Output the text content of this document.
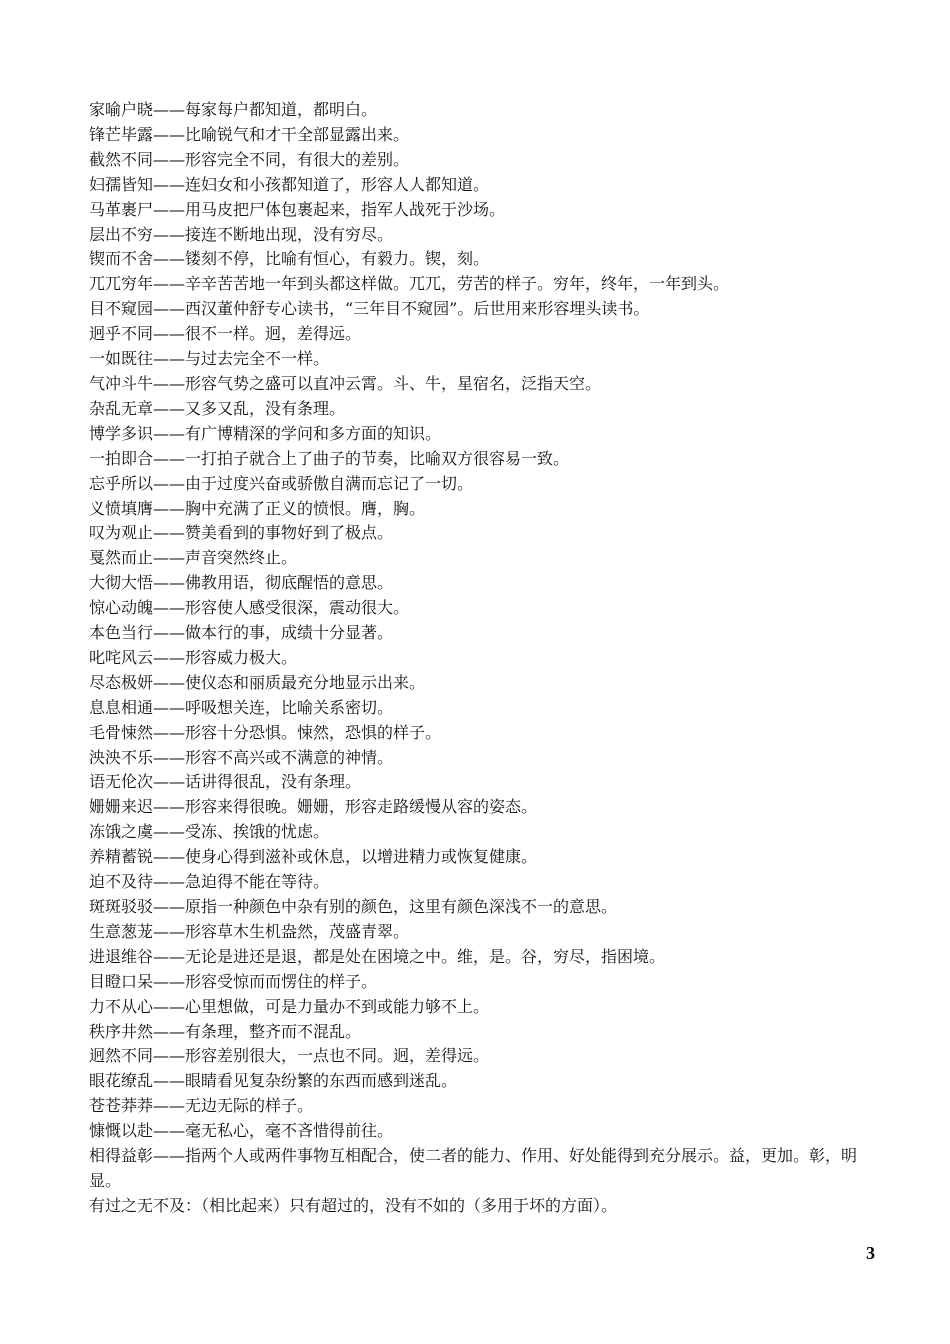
家喻户晓——每家每户都知道，都明白。

锋芒毕露——比喻锐气和才干全部显露出来。

截然不同——形容完全不同，有很大的差别。

妇孺皆知——连妇女和小孩都知道了，形容人人都知道。

马革裹尸——用马皮把尸体包裹起来，指军人战死于沙场。

层出不穷——接连不断地出现，没有穷尽。

锲而不舍——镂刻不停，比喻有恒心，有毅力。锲，刻。

兀兀穷年——辛辛苦苦地一年到头都这样做。兀兀，劳苦的样子。穷年，终年，一年到头。

目不窥园——西汉董仲舒专心读书，“三年目不窥园”。后世用来形容埋头读书。

迥乎不同——很不一样。迥，差得远。

一如既往——与过去完全不一样。

气冲斗牛——形容气势之盛可以直冲云霄。斗、牛，星宿名，泛指天空。

杂乱无章——又多又乱，没有条理。

博学多识——有广博精深的学问和多方面的知识。

一拍即合——一打拍子就合上了曲子的节奏，比喻双方很容易一致。

忘乎所以——由于过度兴奋或骄傲自满而忘记了一切。

义愤填膺——胸中充满了正义的愤恨。膺，胸。

叹为观止——赞美看到的事物好到了极点。

戛然而止——声音突然终止。

大彻大悟——佛教用语，彻底醒悟的意思。

惊心动魄——形容使人感受很深，震动很大。

本色当行——做本行的事，成绩十分显著。

叱咤风云——形容威力极大。

尽态极妍——使仪态和丽质最充分地显示出来。

息息相通——呼吸想关连，比喻关系密切。

毛骨悚然——形容十分恐惧。悚然，恐惧的样子。

泱泱不乐——形容不高兴或不满意的神情。

语无伦次——话讲得很乱，没有条理。

姗姗来迟——形容来得很晚。姗姗，形容走路缓慢从容的姿态。

冻饿之虞——受冻、挨饿的忧虑。

养精蓄锐——使身心得到滋补或休息，以增进精力或恢复健康。

迫不及待——急迫得不能在等待。

斑斑驳驳——原指一种颜色中杂有别的颜色，这里有颜色深浅不一的意思。

生意葱茏——形容草木生机盎然，茂盛青翠。

进退维谷——无论是进还是退，都是处在困境之中。维，是。谷，穷尽，指困境。

目瞪口呆——形容受惊而而愣住的样子。

力不从心——心里想做，可是力量办不到或能力够不上。

秩序井然——有条理，整齐而不混乱。

迥然不同——形容差别很大，一点也不同。迥，差得远。

眼花缭乱——眼睛看见复杂纷繁的东西而感到迷乱。

苍苍莽莽——无边无际的样子。

慷慨以赴——毫无私心，毫不吝惜得前往。

相得益彰——指两个人或两件事物互相配合，使二者的能力、作用、好处能得到充分展示。益，更加。彰，明显。

有过之无不及：（相比起来）只有超过的，没有不如的（多用于坏的方面）。

3
